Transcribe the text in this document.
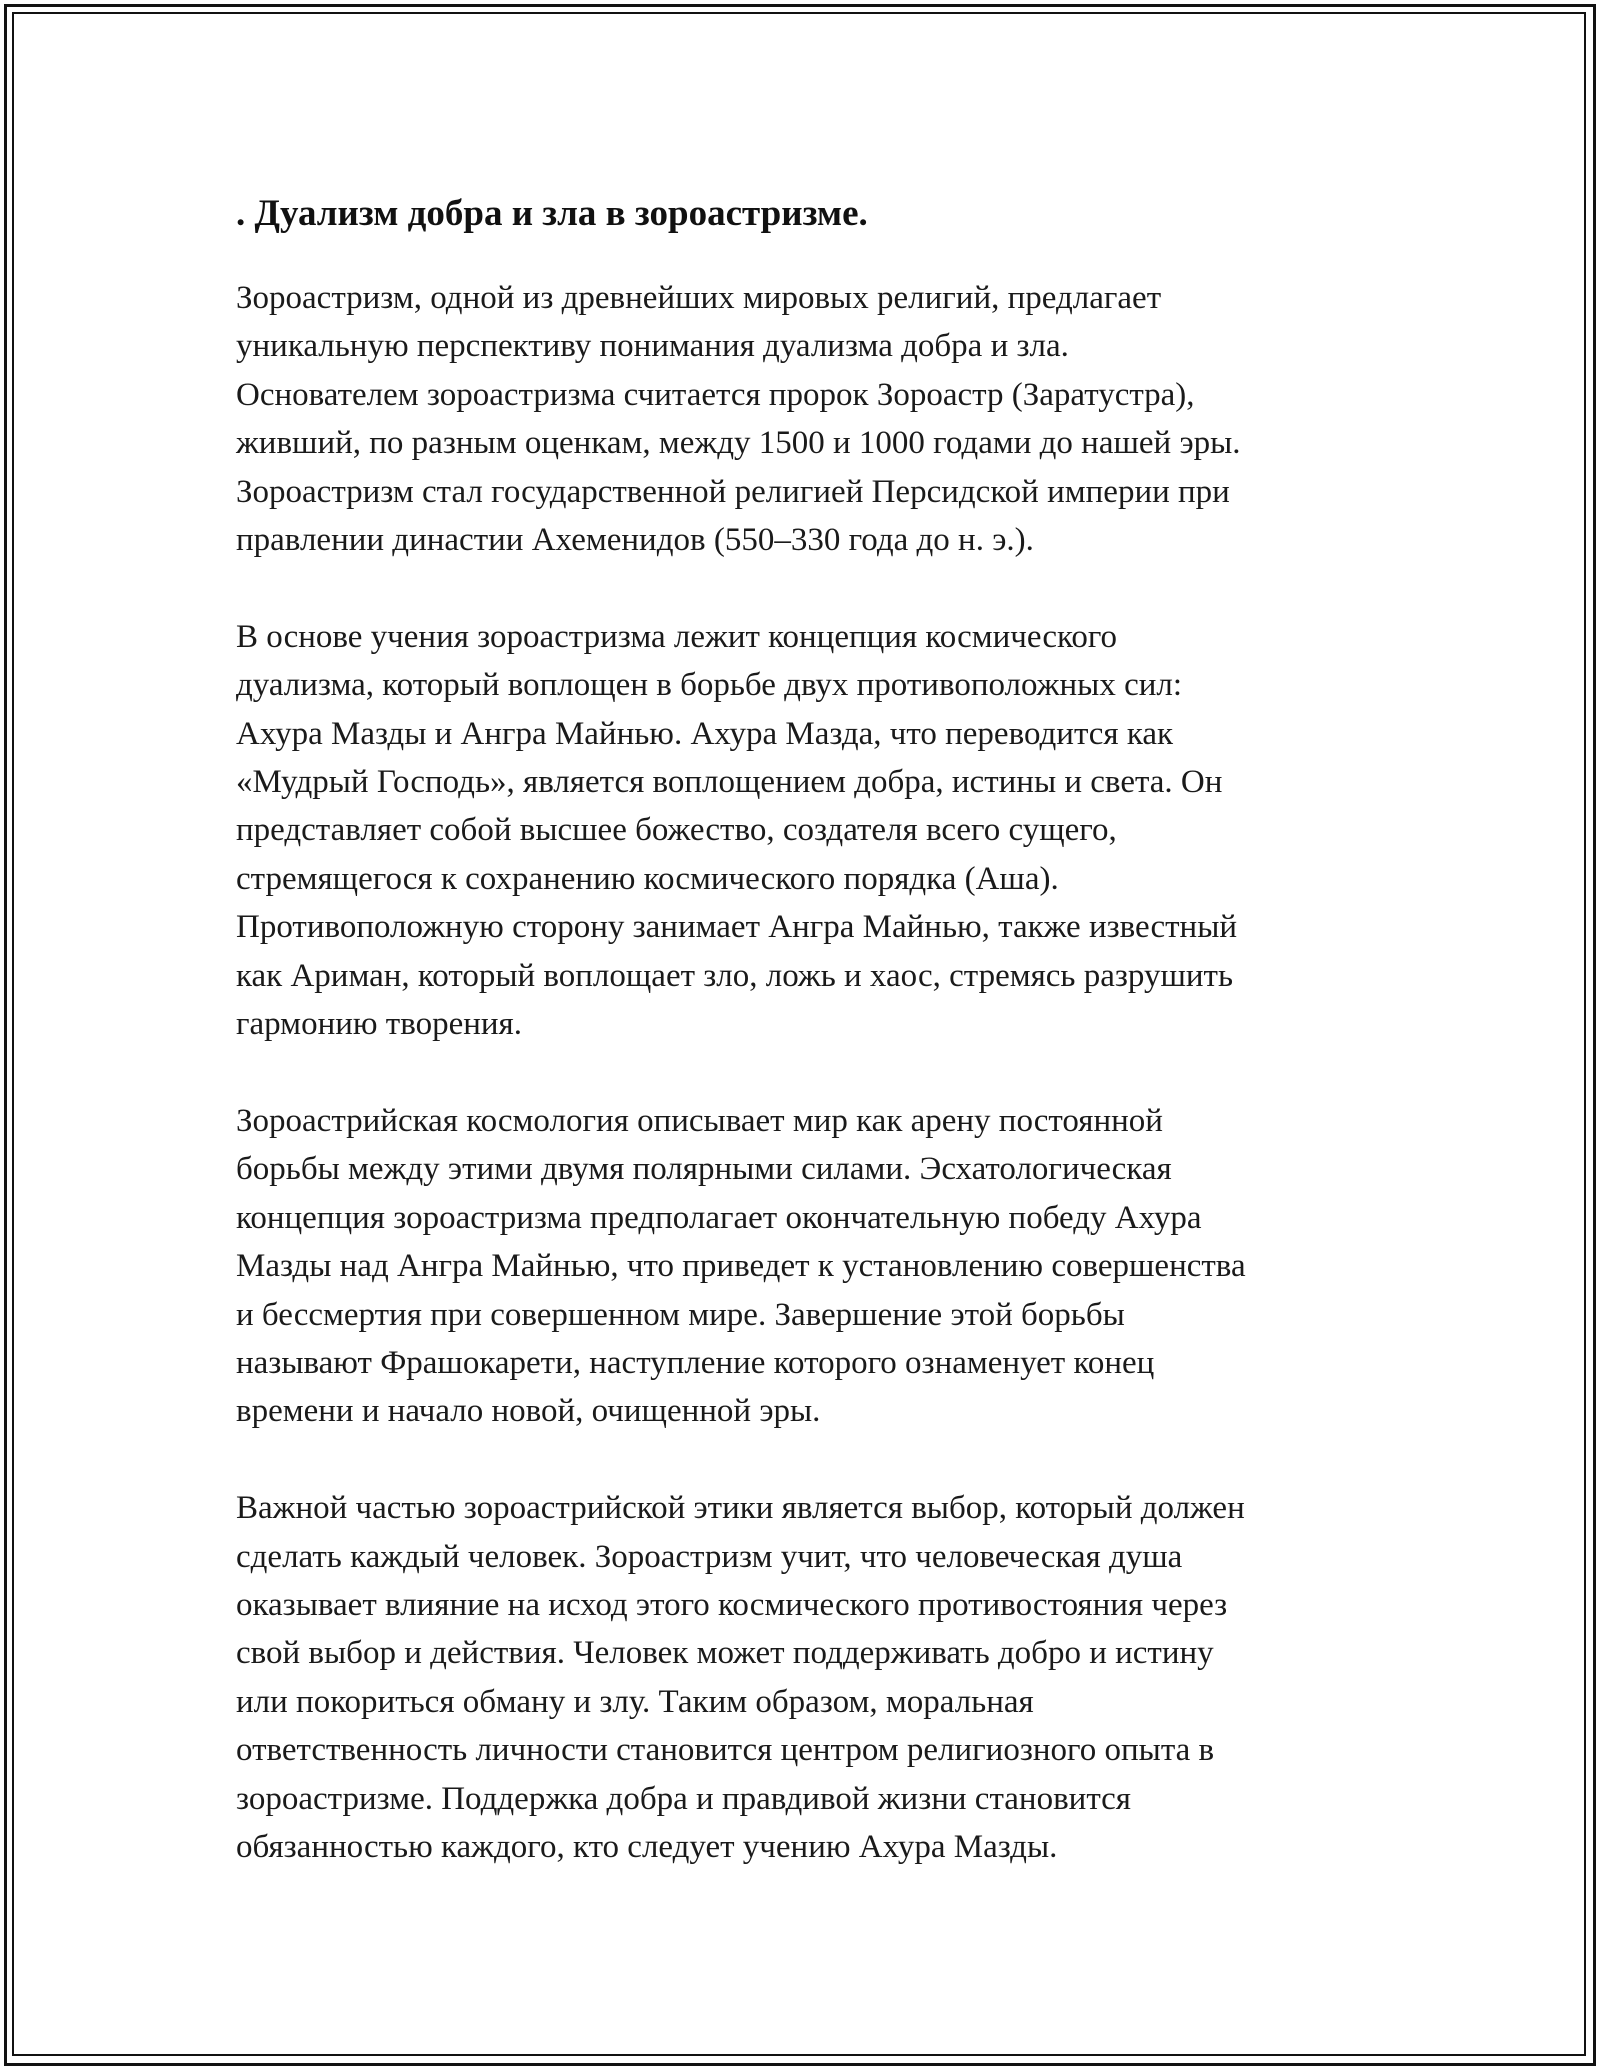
. Дуализм добра и зла в зороастризме.

Зороастризм, одной из древнейших мировых религий, предлагает
уникальную перспективу понимания дуализма добра и зла.
Основателем зороастризма считается пророк Зороастр (Заратустра),
живший, по разным оценкам, между 1500 и 1000 годами до нашей эры.
Зороастризм стал государственной религией Персидской империи при
правлении династии Ахеменидов (550–330 года до н. э.).

В основе учения зороастризма лежит концепция космического
дуализма, который воплощен в борьбе двух противоположных сил:
Ахура Мазды и Ангра Майнью. Ахура Мазда, что переводится как
«Мудрый Господь», является воплощением добра, истины и света. Он
представляет собой высшее божество, создателя всего сущего,
стремящегося к сохранению космического порядка (Аша).
Противоположную сторону занимает Ангра Майнью, также известный
как Ариман, который воплощает зло, ложь и хаос, стремясь разрушить
гармонию творения.

Зороастрийская космология описывает мир как арену постоянной
борьбы между этими двумя полярными силами. Эсхатологическая
концепция зороастризма предполагает окончательную победу Ахура
Мазды над Ангра Майнью, что приведет к установлению совершенства
и бессмертия при совершенном мире. Завершение этой борьбы
называют Фрашокарети, наступление которого ознаменует конец
времени и начало новой, очищенной эры.

Важной частью зороастрийской этики является выбор, который должен
сделать каждый человек. Зороастризм учит, что человеческая душа
оказывает влияние на исход этого космического противостояния через
свой выбор и действия. Человек может поддерживать добро и истину
или покориться обману и злу. Таким образом, моральная
ответственность личности становится центром религиозного опыта в
зороастризме. Поддержка добра и правдивой жизни становится
обязанностью каждого, кто следует учению Ахура Мазды.
